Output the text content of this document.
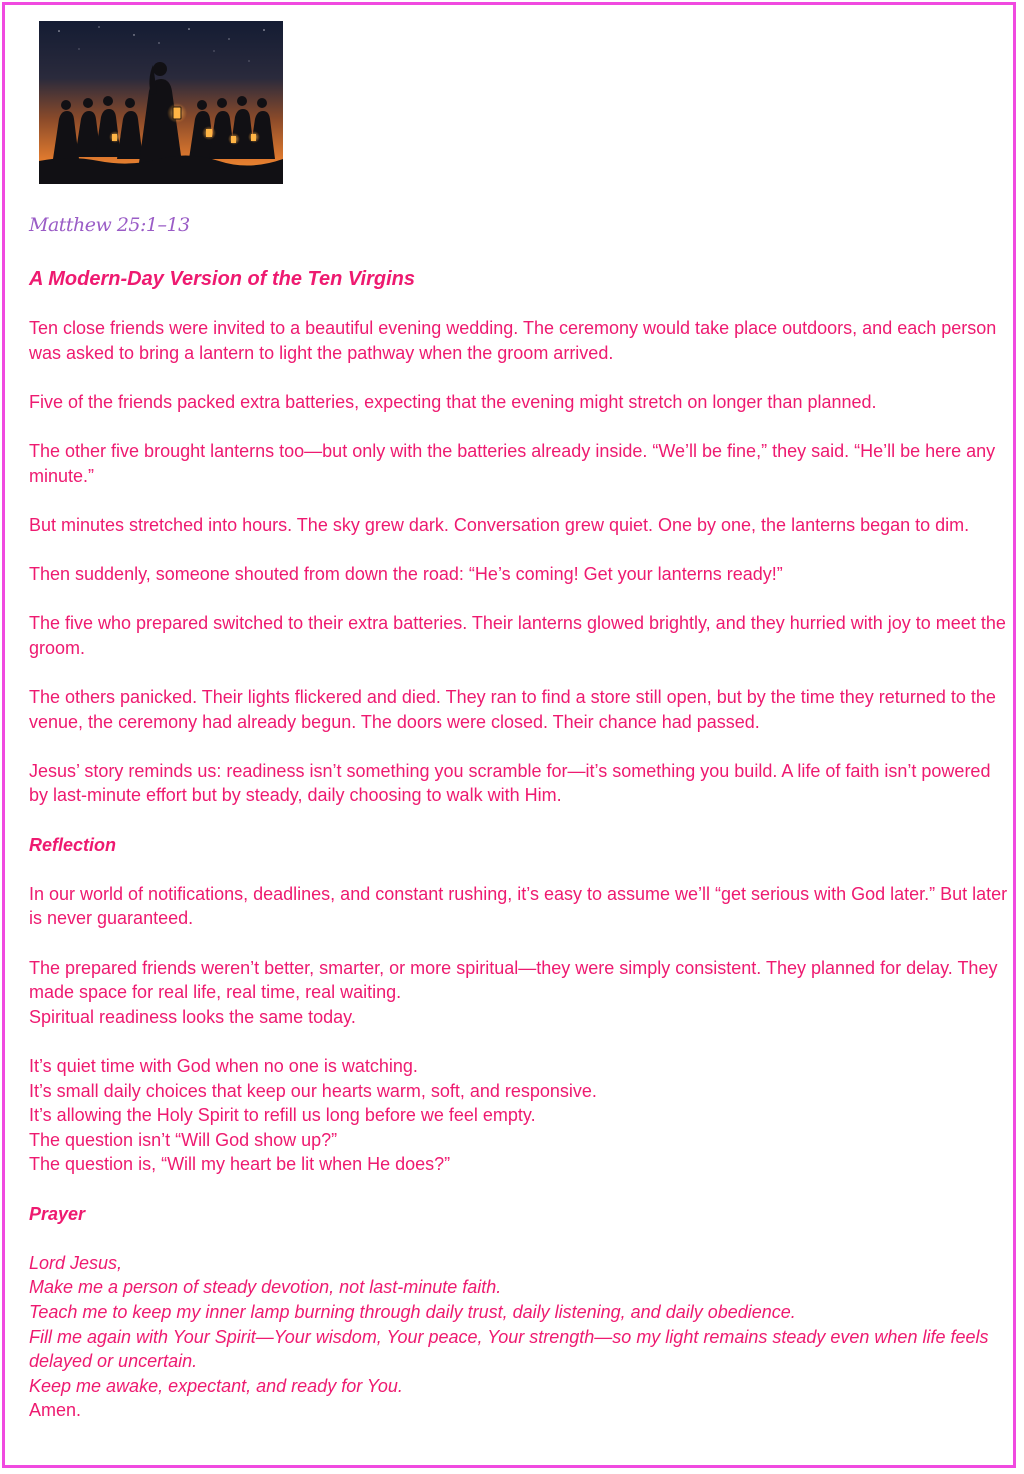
Matthew 25:1–13
A Modern-Day Version of the Ten Virgins

Ten close friends were invited to a beautiful evening wedding. The ceremony would take place outdoors, and each person was asked to bring a lantern to light the pathway when the groom arrived.

Five of the friends packed extra batteries, expecting that the evening might stretch on longer than planned.

The other five brought lanterns too—but only with the batteries already inside. “We’ll be fine,” they said. “He’ll be here any minute.”

But minutes stretched into hours. The sky grew dark. Conversation grew quiet. One by one, the lanterns began to dim.

Then suddenly, someone shouted from down the road: “He’s coming! Get your lanterns ready!”

The five who prepared switched to their extra batteries. Their lanterns glowed brightly, and they hurried with joy to meet the groom.

The others panicked. Their lights flickered and died. They ran to find a store still open, but by the time they returned to the venue, the ceremony had already begun. The doors were closed. Their chance had passed.

Jesus’ story reminds us: readiness isn’t something you scramble for—it’s something you build. A life of faith isn’t powered by last-minute effort but by steady, daily choosing to walk with Him.

Reflection

In our world of notifications, deadlines, and constant rushing, it’s easy to assume we’ll “get serious with God later.” But later is never guaranteed.

The prepared friends weren’t better, smarter, or more spiritual—they were simply consistent. They planned for delay. They made space for real life, real time, real waiting.
Spiritual readiness looks the same today.

It’s quiet time with God when no one is watching.
It’s small daily choices that keep our hearts warm, soft, and responsive.
It’s allowing the Holy Spirit to refill us long before we feel empty.
The question isn’t “Will God show up?”
The question is, “Will my heart be lit when He does?”

Prayer

Lord Jesus,
Make me a person of steady devotion, not last-minute faith.
Teach me to keep my inner lamp burning through daily trust, daily listening, and daily obedience.
Fill me again with Your Spirit—Your wisdom, Your peace, Your strength—so my light remains steady even when life feels delayed or uncertain.
Keep me awake, expectant, and ready for You.
Amen.
